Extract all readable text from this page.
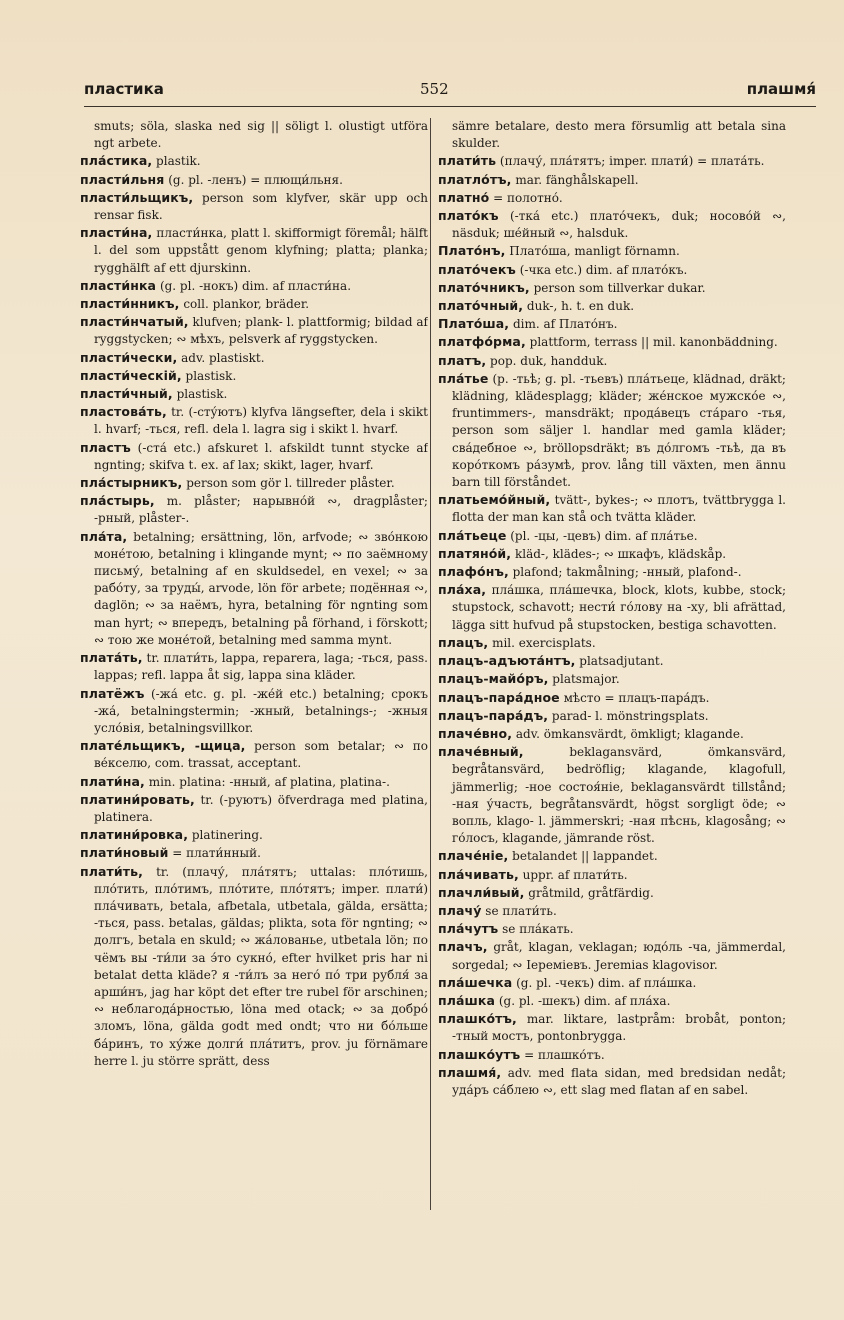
пластика	552	плашмя́

smuts; söla, slaska ned sig || söligt l. olustigt utföra ngt arbete.

пла́стика, plastik.

пласти́льня (g. pl. -ленъ) = плющи́льня.

пласти́льщикъ, person som klyfver, skär upp och rensar fisk.

пласти́на, пласти́нка, platt l. skifformigt föremål; hälft l. del som uppstått genom klyfning; platta; planka; rygghälft af ett djurskinn.

пласти́нка (g. pl. -нокъ) dim. af пласти́на.

пласти́нникъ, coll. plankor, bräder.

пласти́нчатый, klufven; plank- l. plattformig; bildad af ryggstycken; ∾ мѣхъ, pelsverk af ryggstycken.

пласти́чески, adv. plastiskt.

пласти́ческій, plastisk.

пласти́чный, plastisk.

пластова́ть, tr. (-сту́ютъ) klyfva längsefter, dela i skikt l. hvarf; -ться, refl. dela l. lagra sig i skikt l. hvarf.

пластъ (-ста́ etc.) afskuret l. afskildt tunnt stycke af ngnting; skifva t. ex. af lax; skikt, lager, hvarf.

пла́стырникъ, person som gör l. tillreder plåster.

пла́стырь, m. plåster; нарывно́й ∾, dragplåster; -рный, plåster-.

пла́та, betalning; ersättning, lön, arfvode; ∾ зво́нкою моне́тою, betalning i klingande mynt; ∾ по заёмному письму́, betalning af en skuldsedel, en vexel; ∾ за рабо́ту, за труды́, arvode, lön för arbete; подённая ∾, daglön; ∾ за наёмъ, hyra, betalning för ngnting som man hyrt; ∾ впередъ, betalning på förhand, i förskott; ∾ тою же моне́той, betalning med samma mynt.

плата́ть, tr. плати́ть, lappa, reparera, laga; -ться, pass. lappas; refl. lappa åt sig, lappa sina kläder.

платёжъ (-жа́ etc. g. pl. -же́й etc.) betalning; срокъ -жа́, betalningstermin; -жный, betalnings-; -жныя усло́вія, betalningsvillkor.

плате́льщикъ, -щица, person som betalar; ∾ по ве́кселю, com. trassat, acceptant.

плати́на, min. platina: -нный, af platina, platina-.

платини́ровать, tr. (-руютъ) öfverdraga med platina, platinera.

платини́ровка, platinering.

плати́новый = плати́нный.

плати́ть, tr. (плачу́, пла́тятъ; uttalas: пло́тишь, пло́тить, пло́тимъ, пло́тите, пло́тятъ; imper. плати́) пла́чивать, betala, afbetala, utbetala, gälda, ersätta; -ться, pass. betalas, gäldas; plikta, sota för ngnting; ∾ долгъ, betala en skuld; ∾ жа́лованье, utbetala lön; по чёмъ вы -ти́ли за э́то сукно́, efter hvilket pris har ni betalat detta kläde? я -ти́лъ за него́ по́ три рубля́ за арши́нъ, jag har köpt det efter tre rubel för arschinen; ∾ неблагода́рностью, löna med otack; ∾ за добро́ зломъ, löna, gälda godt med ondt; что ни бо́льше ба́ринъ, то ху́же долги́ пла́титъ, prov. ju förnämare herre l. ju större sprätt, dess

sämre betalare, desto mera försumlig att betala sina skulder.

плати́ть (плачу́, пла́тятъ; imper. плати́) = плата́ть.

платло́тъ, mar. fänghålskapell.

платно́ = полотно́.

плато́къ (-тка́ etc.) плато́чекъ, duk; носово́й ∾, näsduk; ше́йный ∾, halsduk.

Плато́нъ, Плато́ша, manligt förnamn.

плато́чекъ (-чка etc.) dim. af плато́къ.

плато́чникъ, person som tillverkar dukar.

плато́чный, duk-, h. t. en duk.

Плато́ша, dim. af Плато́нъ.

платфо́рма, plattform, terrass || mil. kanonbäddning.

платъ, pop. duk, handduk.

пла́тье (p. -тьѣ; g. pl. -тьевъ) пла́тьеце, klädnad, dräkt; klädning, klädesplagg; kläder; же́нское мужско́е ∾, fruntimmers-, mansdräkt; прода́вецъ ста́раго -тья, person som säljer l. handlar med gamla kläder; сва́дебное ∾, bröllopsdräkt; въ до́лгомъ -тьѣ, да въ коро́ткомъ ра́зумѣ, prov. lång till växten, men ännu barn till förståndet.

платьемо́йный, tvätt-, bykes-; ∾ плотъ, tvättbrygga l. flotta der man kan stå och tvätta kläder.

пла́тьеце (pl. -цы, -цевъ) dim. af пла́тье.

платяно́й, kläd-, klädes-; ∾ шкафъ, klädskåp.

плафо́нъ, plafond; takmålning; -нный, plafond-.

пла́ха, пла́шка, пла́шечка, block, klots, kubbe, stock; stupstock, schavott; нести́ го́лову на -ху, bli afrättad, lägga sitt hufvud på stupstocken, bestiga schavotten.

плацъ, mil. exercisplats.

плацъ-адъюта́нтъ, platsadjutant.

плацъ-майо́ръ, platsmajor.

плацъ-пара́дное мѣсто = плацъ-пара́дъ.

плацъ-пара́дъ, parad- l. mönstringsplats.

плаче́вно, adv. ömkansvärdt, ömkligt; klagande.

плаче́вный,	beklagansvärd, ömkansvärd, begråtansvärd, bedröflig; klagande, klagofull, jämmerlig; -ное состоя́ніе, beklagansvärdt tillstånd; -ная у́часть, begråtansvärdt, högst sorgligt öde; ∾ вопль, klago- l. jämmerskri; -ная пѣснь, klagosång; ∾ го́лосъ, klagande, jämrande röst.

плаче́ніе, betalandet || lappandet.

пла́чивать, uppr. af плати́ть.

плачли́вый, gråtmild, gråtfärdig.

плачу́ se плати́ть.

пла́чутъ se пла́кать.

плачъ, gråt, klagan, veklagan; юдо́ль -ча, jämmerdal, sorgedal; ∾ Іереміевъ. Jeremias klagovisor.

пла́шечка (g. pl. -чекъ) dim. af пла́шка.

пла́шка (g. pl. -шекъ) dim. af пла́ха.

плашко́тъ, mar. liktare, lastpråm: brobåt, ponton; -тный мостъ, pontonbrygga.

плашко́утъ = плашко́тъ.

плашмя́, adv. med flata sidan, med bredsidan nedåt; уда́ръ са́блею ∾, ett slag med flatan af en sabel.
